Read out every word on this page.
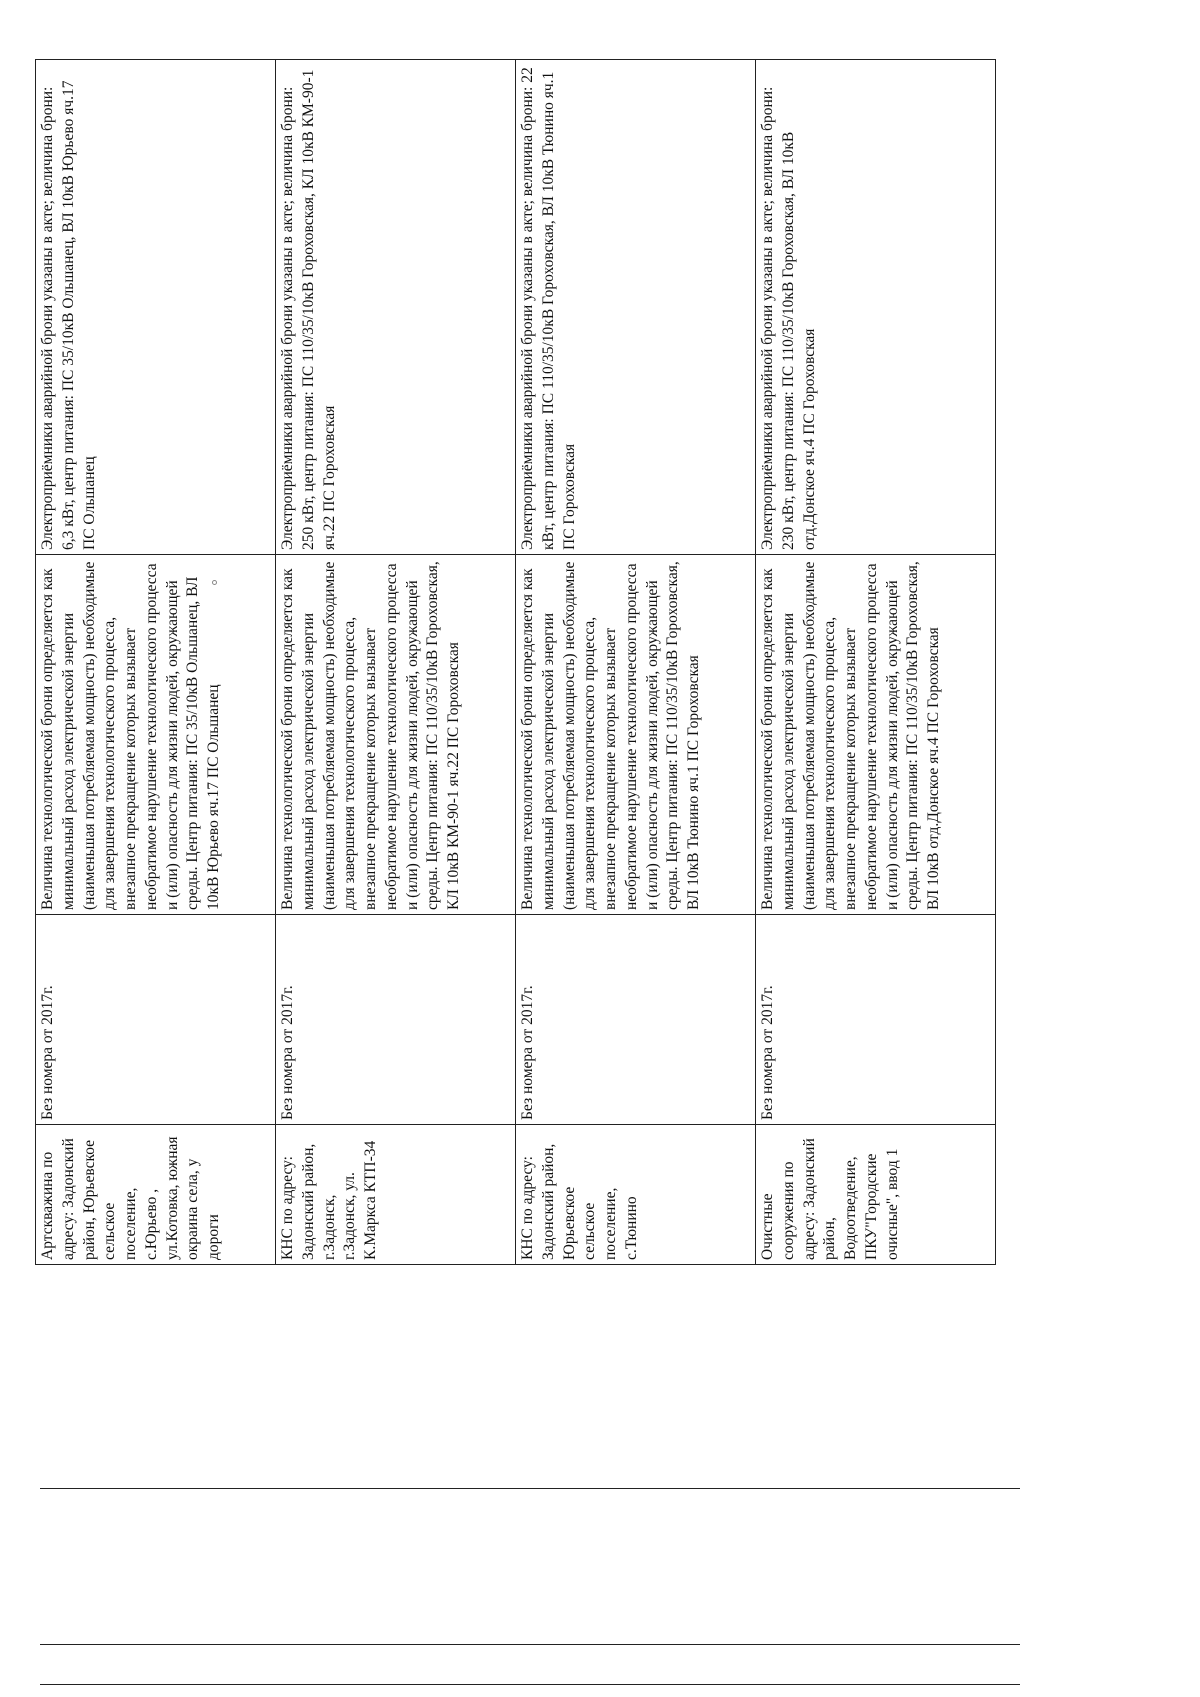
Артскважина по адресу: Задонский район, Юрьевское сельское поселение, с.Юрьево , ул.Котовка, южная окраина села, у дороги	Без номера от 2017г.	Величина технологической брони определяется как минимальный расход электрической энергии (наименьшая потребляемая мощность) необходимые для завершения технологического процесса, внезапное прекращение которых вызывает необратимое нарушение технологического процесса и (или) опасность для жизни людей, окружающей среды. Центр питания: ПС 35/10кВ Ольшанец, ВЛ 10кВ Юрьево яч.17 ПС Ольшанец	Электроприёмники аварийной брони указаны в акте; величина брони: 6,3 кВт, центр питания: ПС 35/10кВ Ольшанец, ВЛ 10кВ Юрьево яч.17 ПС Ольшанец
КНС по адресу: Задонский район, г.Задонск, г.Задонск, ул. К.Маркса КТП-34	Без номера от 2017г.	Величина технологической брони определяется как минимальный расход электрической энергии (наименьшая потребляемая мощность) необходимые для завершения технологического процесса, внезапное прекращение которых вызывает необратимое нарушение технологического процесса и (или) опасность для жизни людей, окружающей среды. Центр питания: ПС 110/35/10кВ Гороховская, КЛ 10кВ КМ-90-1 яч.22 ПС Гороховская	Электроприёмники аварийной брони указаны в акте; величина брони: 250 кВт, центр питания: ПС 110/35/10кВ Гороховская, КЛ 10кВ КМ-90-1 яч.22 ПС Гороховская
КНС по адресу: Задонский район, Юрьевское сельское поселение, с.Тюнино	Без номера от 2017г.	Величина технологической брони определяется как минимальный расход электрической энергии (наименьшая потребляемая мощность) необходимые для завершения технологического процесса, внезапное прекращение которых вызывает необратимое нарушение технологического процесса и (или) опасность для жизни людей, окружающей среды. Центр питания: ПС 110/35/10кВ Гороховская, ВЛ 10кВ Тюнино яч.1 ПС Гороховская	Электроприёмники аварийной брони указаны в акте; величина брони: 22 кВт, центр питания: ПС 110/35/10кВ Гороховская, ВЛ 10кВ Тюнино яч.1 ПС Гороховская
Очистные сооружения по адресу: Задонский район, Водоотведение, ПКУ"Городские очисные", ввод 1	Без номера от 2017г.	Величина технологической брони определяется как минимальный расход электрической энергии (наименьшая потребляемая мощность) необходимые для завершения технологического процесса, внезапное прекращение которых вызывает необратимое нарушение технологического процесса и (или) опасность для жизни людей, окружающей среды. Центр питания: ПС 110/35/10кВ Гороховская, ВЛ 10кВ отд.Донское яч.4 ПС Гороховская	Электроприёмники аварийной брони указаны в акте; величина брони: 230 кВт, центр питания: ПС 110/35/10кВ Гороховская, ВЛ 10кВ отд.Донское яч.4 ПС Гороховская
